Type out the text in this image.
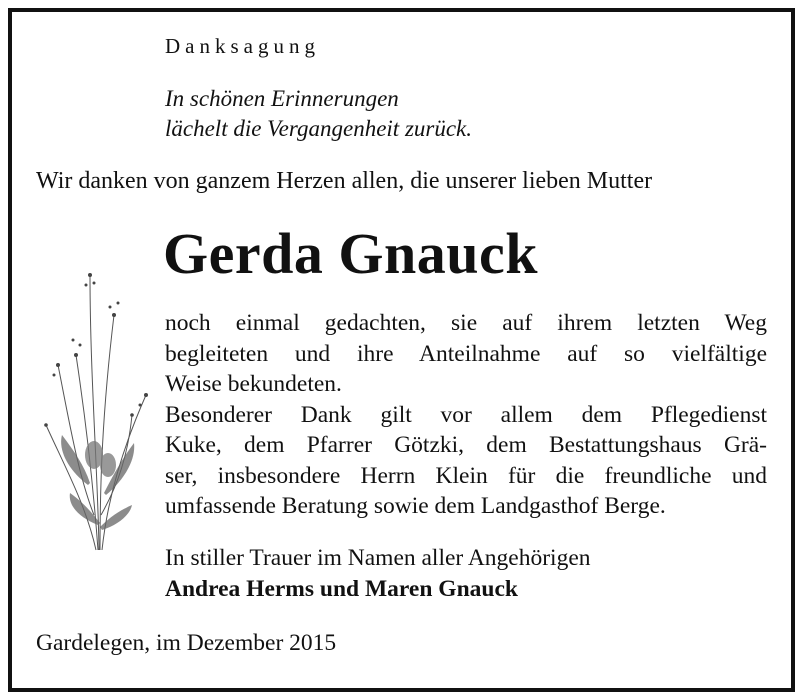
Danksagung
In schönen Erinnerungen
lächelt die Vergangenheit zurück.
Wir danken von ganzem Herzen allen, die unserer lieben Mutter
Gerda Gnauck
noch einmal gedachten, sie auf ihrem letzten Weg
begleiteten und ihre Anteilnahme auf so vielfältige
Weise bekundeten.
Besonderer Dank gilt vor allem dem Pflegedienst
Kuke, dem Pfarrer Götzki, dem Bestattungshaus Grä-
ser, insbesondere Herrn Klein für die freundliche und
umfassende Beratung sowie dem Landgasthof Berge.
In stiller Trauer im Namen aller Angehörigen
Andrea Herms und Maren Gnauck
Gardelegen, im Dezember 2015
